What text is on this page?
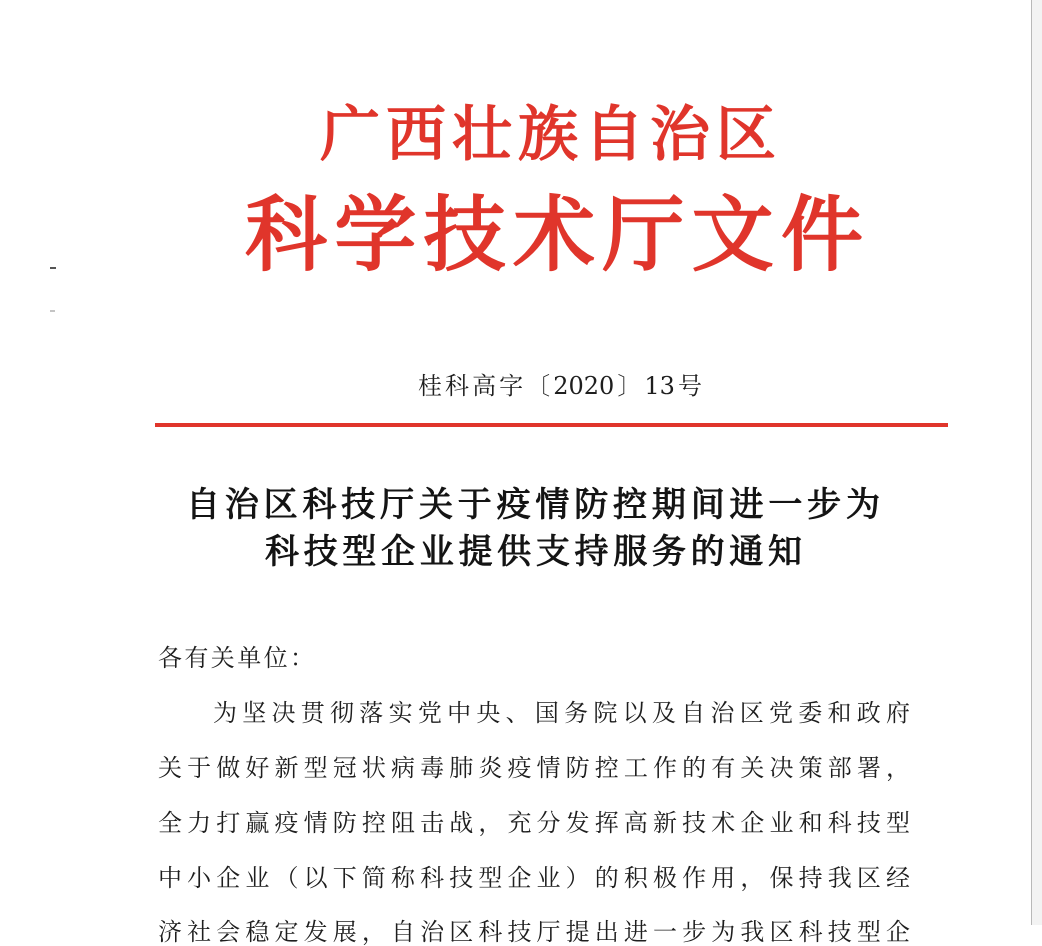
广西壮族自治区
科学技术厅文件
桂科高字〔2020〕13号
自治区科技厅关于疫情防控期间进一步为
科技型企业提供支持服务的通知
各有关单位：
为坚决贯彻落实党中央、国务院以及自治区党委和政府
关于做好新型冠状病毒肺炎疫情防控工作的有关决策部署，
全力打赢疫情防控阻击战，充分发挥高新技术企业和科技型
中小企业（以下简称科技型企业）的积极作用，保持我区经
济社会稳定发展，自治区科技厅提出进一步为我区科技型企
